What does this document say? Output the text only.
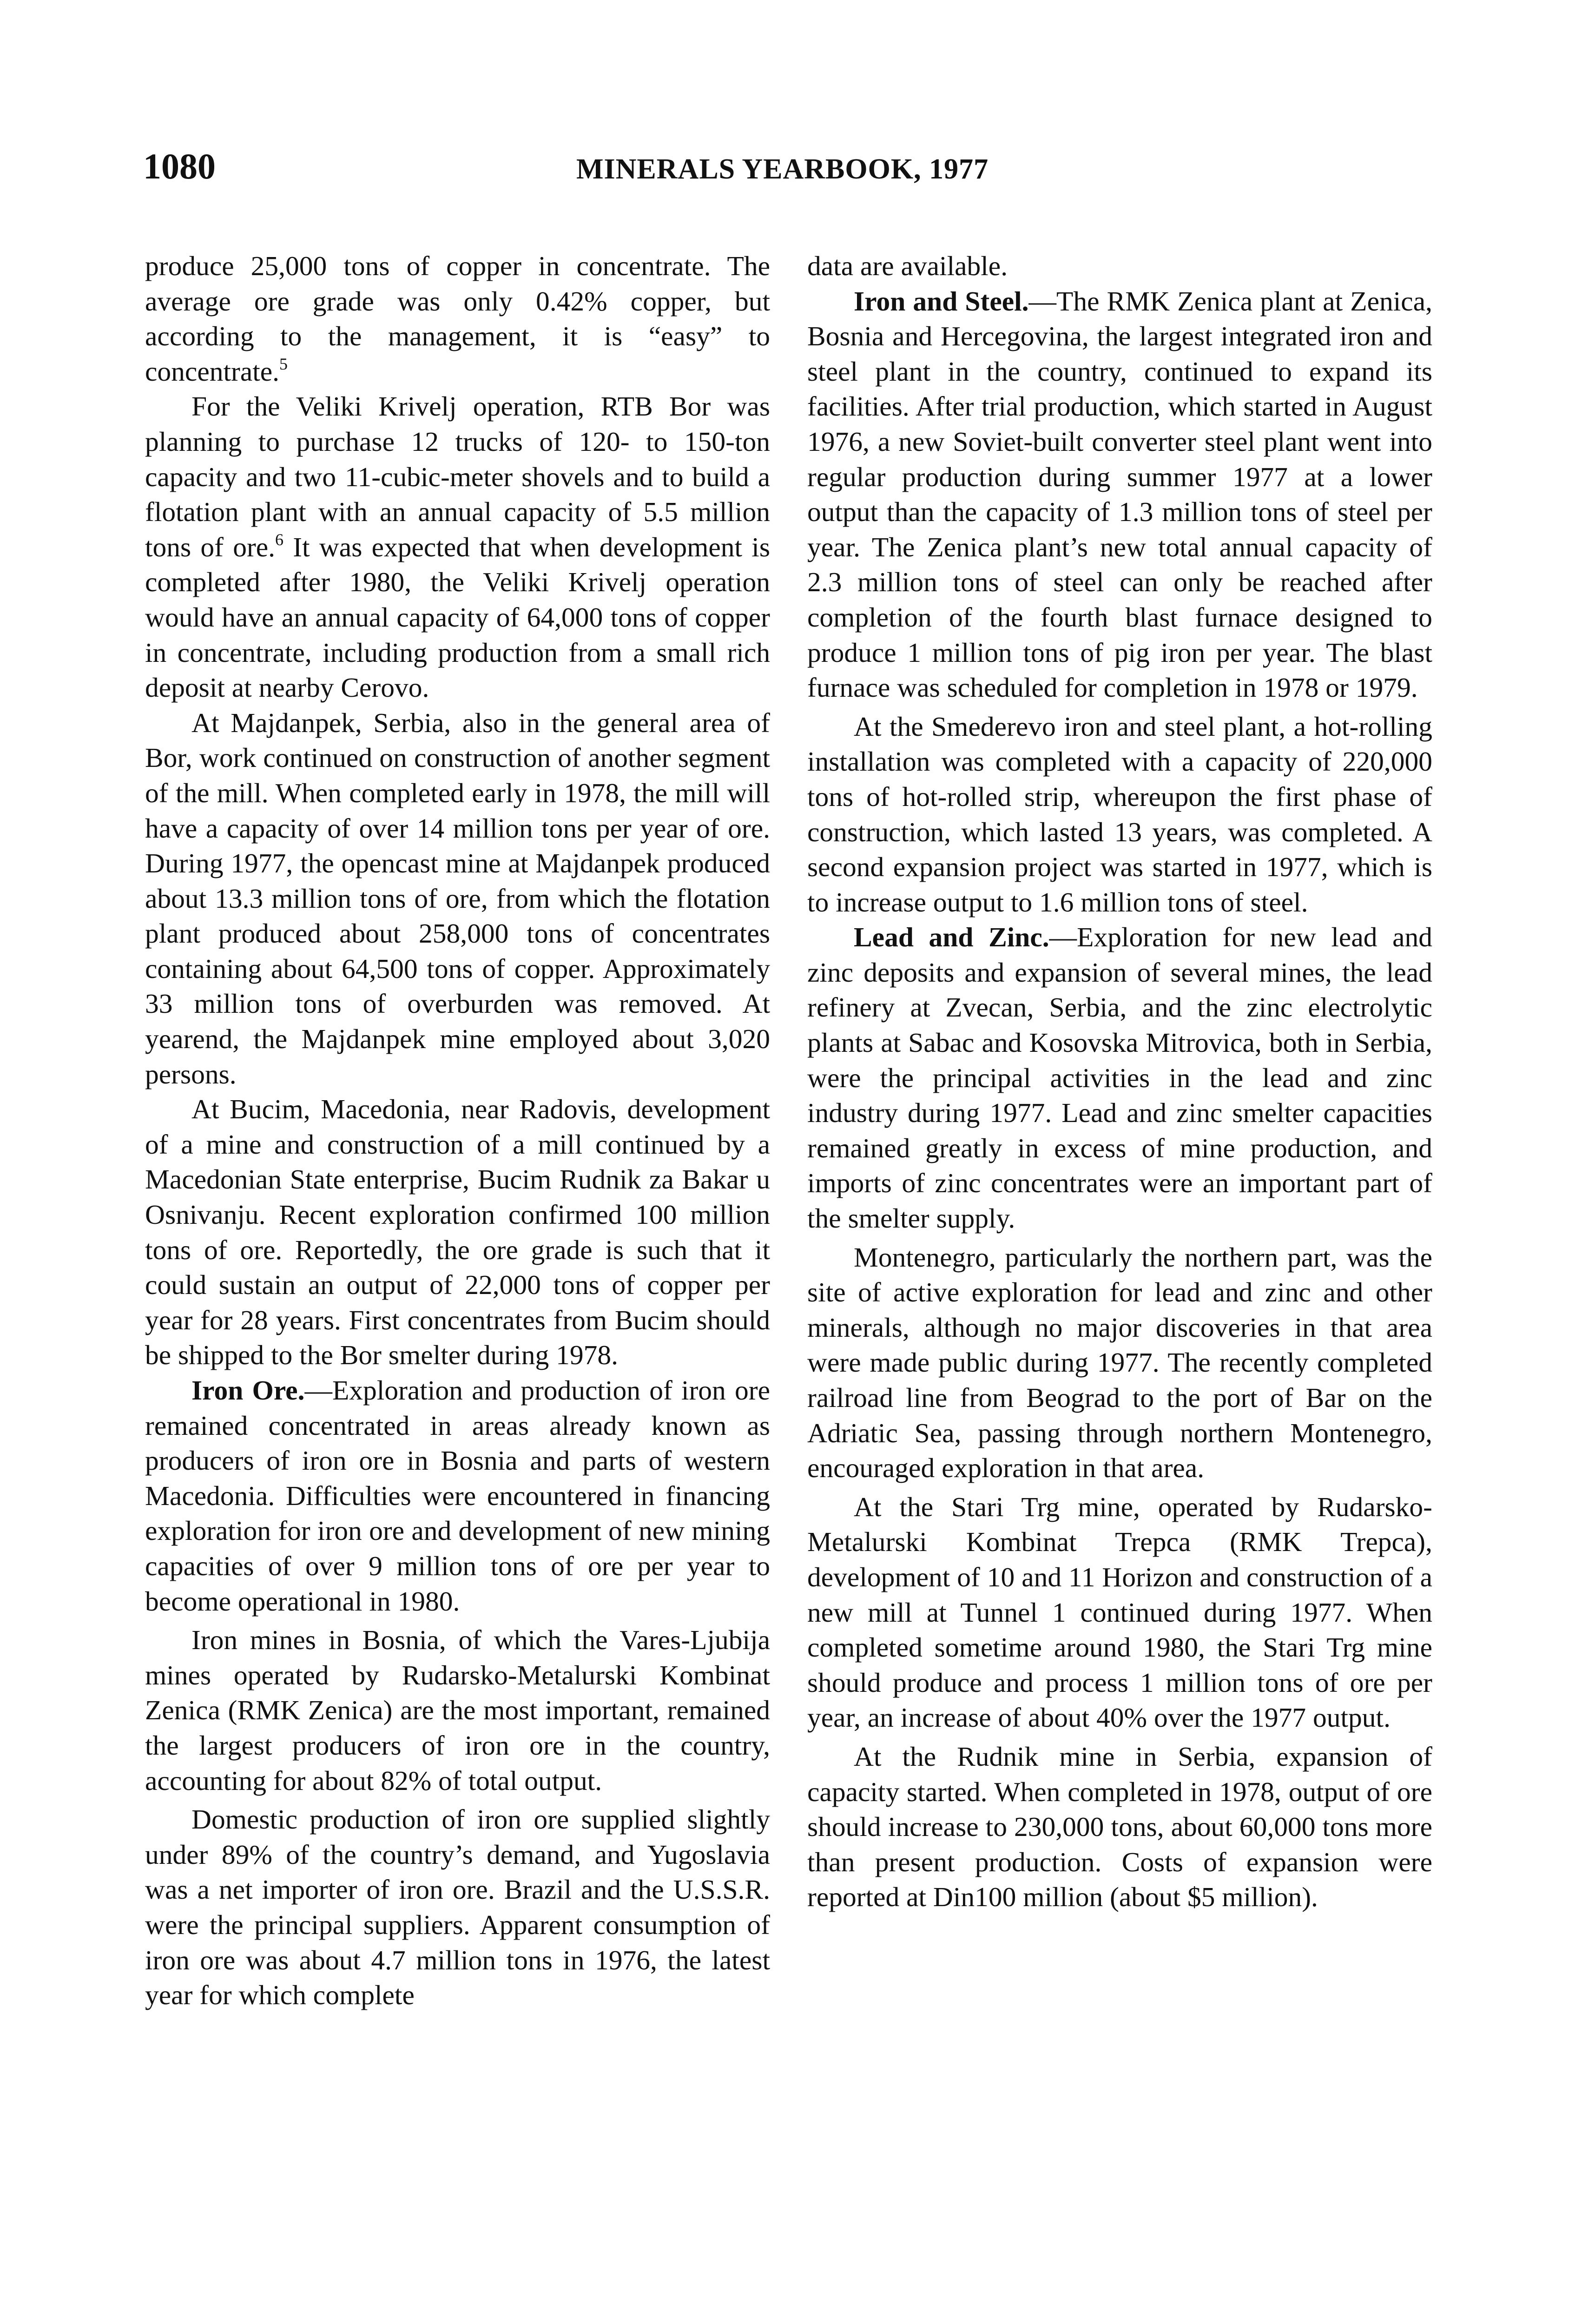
1080	MINERALS YEARBOOK, 1977

produce 25,000 tons of copper in concentrate. The average ore grade was only 0.42% copper, but according to the management, it is “easy” to concentrate.$^5$

For the Veliki Krivelj operation, RTB Bor was planning to purchase 12 trucks of 120- to 150-ton capacity and two 11-cubic-meter shovels and to build a flotation plant with an annual capacity of 5.5 million tons of ore.$^6$ It was expected that when development is completed after 1980, the Veliki Krivelj operation would have an annual capacity of 64,000 tons of copper in concentrate, including production from a small rich deposit at nearby Cerovo.

At Majdanpek, Serbia, also in the general area of Bor, work continued on construction of another segment of the mill. When completed early in 1978, the mill will have a capacity of over 14 million tons per year of ore. During 1977, the opencast mine at Majdanpek produced about 13.3 million tons of ore, from which the flotation plant produced about 258,000 tons of concentrates containing about 64,500 tons of copper. Approximately 33 million tons of overburden was removed. At yearend, the Majdanpek mine employed about 3,020 persons.

At Bucim, Macedonia, near Radovis, development of a mine and construction of a mill continued by a Macedonian State enterprise, Bucim Rudnik za Bakar u Osnivanju. Recent exploration confirmed 100 million tons of ore. Reportedly, the ore grade is such that it could sustain an output of 22,000 tons of copper per year for 28 years. First concentrates from Bucim should be shipped to the Bor smelter during 1978.

Iron Ore.—Exploration and production of iron ore remained concentrated in areas already known as producers of iron ore in Bosnia and parts of western Macedonia. Difficulties were encountered in financing exploration for iron ore and development of new mining capacities of over 9 million tons of ore per year to become operational in 1980.

Iron mines in Bosnia, of which the Vares-Ljubija mines operated by Rudarsko-Metalurski Kombinat Zenica (RMK Zenica) are the most important, remained the largest producers of iron ore in the country, accounting for about 82% of total output.

Domestic production of iron ore supplied slightly under 89% of the country’s demand, and Yugoslavia was a net importer of iron ore. Brazil and the U.S.S.R. were the principal suppliers. Apparent consumption of iron ore was about 4.7 million tons in 1976, the latest year for which complete

data are available.

Iron and Steel.—The RMK Zenica plant at Zenica, Bosnia and Hercegovina, the largest integrated iron and steel plant in the country, continued to expand its facilities. After trial production, which started in August 1976, a new Soviet-built converter steel plant went into regular production during summer 1977 at a lower output than the capacity of 1.3 million tons of steel per year. The Zenica plant’s new total annual capacity of 2.3 million tons of steel can only be reached after completion of the fourth blast furnace designed to produce 1 million tons of pig iron per year. The blast furnace was scheduled for completion in 1978 or 1979.

At the Smederevo iron and steel plant, a hot-rolling installation was completed with a capacity of 220,000 tons of hot-rolled strip, whereupon the first phase of construction, which lasted 13 years, was completed. A second expansion project was started in 1977, which is to increase output to 1.6 million tons of steel.

Lead and Zinc.—Exploration for new lead and zinc deposits and expansion of several mines, the lead refinery at Zvecan, Serbia, and the zinc electrolytic plants at Sabac and Kosovska Mitrovica, both in Serbia, were the principal activities in the lead and zinc industry during 1977. Lead and zinc smelter capacities remained greatly in excess of mine production, and imports of zinc concentrates were an important part of the smelter supply.

Montenegro, particularly the northern part, was the site of active exploration for lead and zinc and other minerals, although no major discoveries in that area were made public during 1977. The recently completed railroad line from Beograd to the port of Bar on the Adriatic Sea, passing through northern Montenegro, encouraged exploration in that area.

At the Stari Trg mine, operated by Rudarsko-Metalurski Kombinat Trepca (RMK Trepca), development of 10 and 11 Horizon and construction of a new mill at Tunnel 1 continued during 1977. When completed sometime around 1980, the Stari Trg mine should produce and process 1 million tons of ore per year, an increase of about 40% over the 1977 output.

At the Rudnik mine in Serbia, expansion of capacity started. When completed in 1978, output of ore should increase to 230,000 tons, about 60,000 tons more than present production. Costs of expansion were reported at Din100 million (about $5 million).
